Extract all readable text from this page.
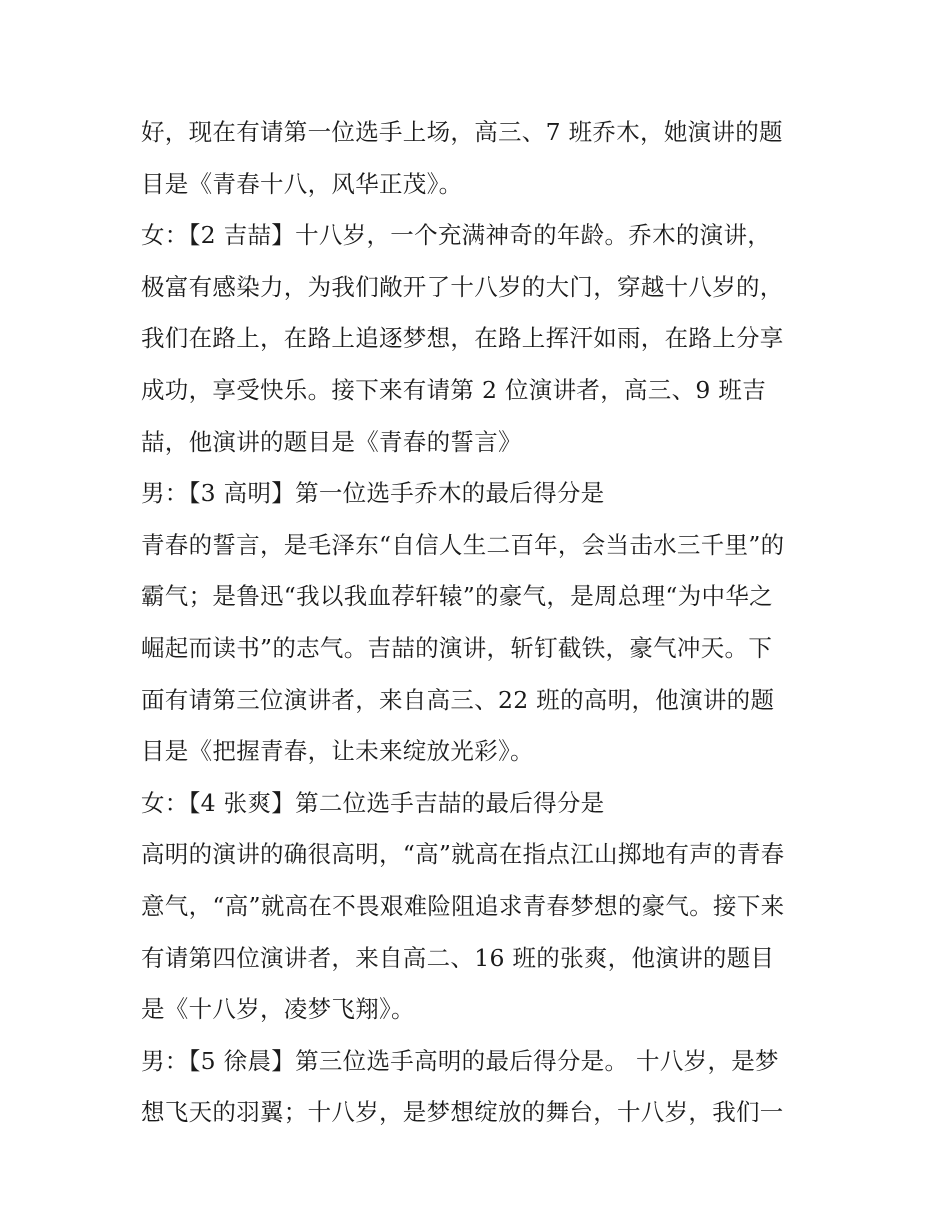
好，现在有请第一位选手上场，高三、7 班乔木，她演讲的题
目是《青春十八，风华正茂》。
女：【2 吉喆】十八岁，一个充满神奇的年龄。乔木的演讲，
极富有感染力，为我们敞开了十八岁的大门，穿越十八岁的，
我们在路上，在路上追逐梦想，在路上挥汗如雨，在路上分享
成功，享受快乐。接下来有请第 2 位演讲者，高三、9 班吉
喆，他演讲的题目是《青春的誓言》
男：【3 高明】第一位选手乔木的最后得分是
青春的誓言，是毛泽东“自信人生二百年，会当击水三千里”的
霸气；是鲁迅“我以我血荐轩辕”的豪气，是周总理“为中华之
崛起而读书”的志气。吉喆的演讲，斩钉截铁，豪气冲天。下
面有请第三位演讲者，来自高三、22 班的高明，他演讲的题
目是《把握青春，让未来绽放光彩》。
女：【4 张爽】第二位选手吉喆的最后得分是
高明的演讲的确很高明，“高”就高在指点江山掷地有声的青春
意气，“高”就高在不畏艰难险阻追求青春梦想的豪气。接下来
有请第四位演讲者，来自高二、16 班的张爽，他演讲的题目
是《十八岁，凌梦飞翔》。
男：【5 徐晨】第三位选手高明的最后得分是。 十八岁，是梦
想飞天的羽翼；十八岁，是梦想绽放的舞台，十八岁，我们一
